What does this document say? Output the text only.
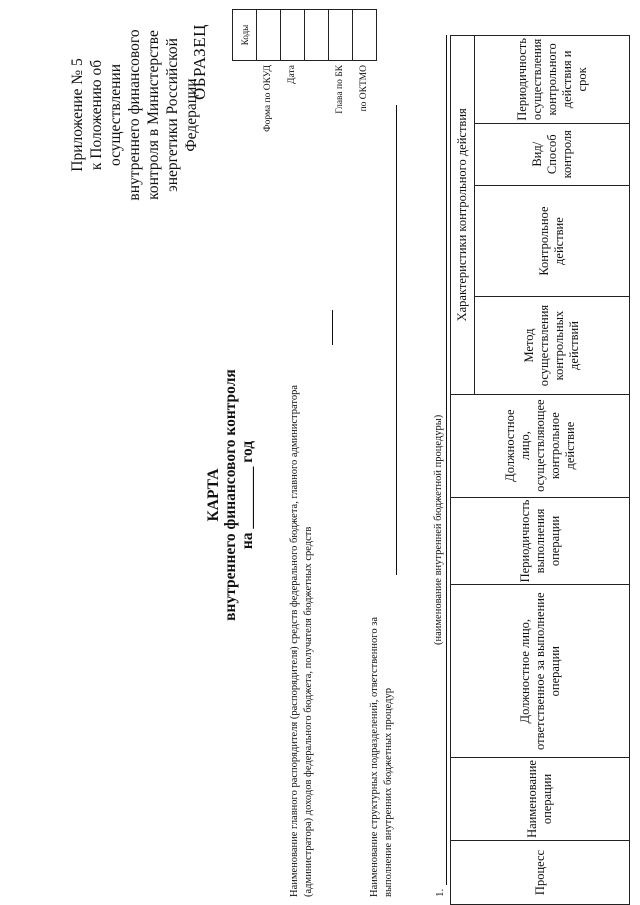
Приложение № 5 к Положению об осуществлении внутреннего финансового контроля в Министерстве энергетики Российской Федерации
ОБРАЗЕЦ
		Коды
Форма по ОКУД	
Дата	

Глава по БК	
по ОКТМО	
КАРТА внутреннего финансового контроля на ________ год	Наименование главного распорядителя (распорядителя) средств федерального бюджета, главного администратора (администратора) доходов федерального бюджета, получателя бюджетных средств	Наименование структурных подразделений, ответственного за выполнение внутренних бюджетных процедур	1.
(наименование внутренней бюджетной процедуры)
Процесс	Наименование операции	Должностное лицо, ответственное за выполнение операции	Периодичность выполнения операции	Должностное лицо, осуществляющее контрольное действие	Характеристики контрольного действия			
					Метод осуществления контрольных действий	Контрольное действие	Вид/ Способ контроля	Периодичность осуществления контрольного действия и срок
